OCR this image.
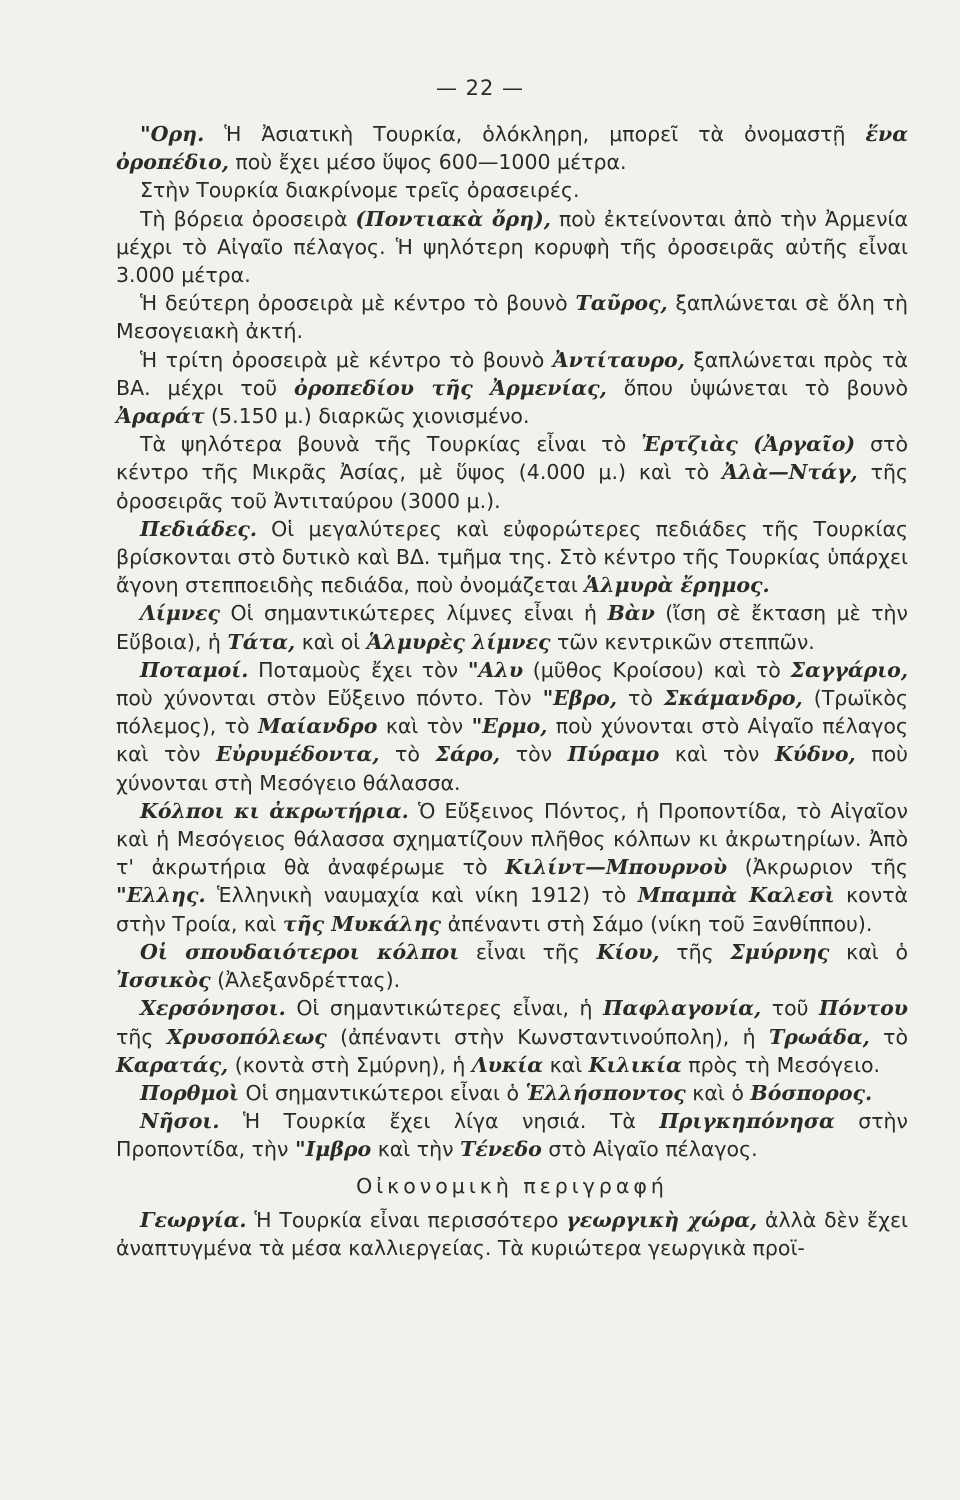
— 22 —

"Ορη. Ἡ Ἀσιατικὴ Τουρκία, ὁλόκληρη, μπορεῖ τὰ ὀνομαστῇ ἕνα ὀροπέδιο, ποὺ ἔχει μέσο ὕψος 600—1000 μέτρα.

Στὴν Τουρκία διακρίνομε τρεῖς ὀρασειρές.

Τὴ βόρεια ὀροσειρὰ (Ποντιακὰ ὄρη), ποὺ ἐκτείνονται ἀπὸ τὴν Ἀρμενία μέχρι τὸ Αἰγαῖο πέλαγος. Ἡ ψηλότερη κορυφὴ τῆς ὀροσειρᾶς αὐτῆς εἶναι 3.000 μέτρα.

Ἡ δεύτερη ὀροσειρὰ μὲ κέντρο τὸ βουνὸ Ταῦρος, ξαπλώνεται σὲ ὅλη τὴ Μεσογειακὴ ἀκτή.

Ἡ τρίτη ὀροσειρὰ μὲ κέντρο τὸ βουνὸ Ἀντίταυρο, ξαπλώνεται πρὸς τὰ ΒΑ. μέχρι τοῦ ὀροπεδίου τῆς Ἀρμενίας, ὅπου ὑψώνεται τὸ βουνὸ Ἀραράτ (5.150 μ.) διαρκῶς χιονισμένο.

Τὰ ψηλότερα βουνὰ τῆς Τουρκίας εἶναι τὸ Ἐρτζιὰς (Ἀργαῖο) στὸ κέντρο τῆς Μικρᾶς Ἀσίας, μὲ ὕψος (4.000 μ.) καὶ τὸ Ἀλὰ—Ντάγ, τῆς ὀροσειρᾶς τοῦ Ἀντιταύρου (3000 μ.).

Πεδιάδες. Οἱ μεγαλύτερες καὶ εὐφορώτερες πεδιάδες τῆς Τουρκίας βρίσκονται στὸ δυτικὸ καὶ ΒΔ. τμῆμα της. Στὸ κέντρο τῆς Τουρκίας ὑπάρχει ἄγονη στεπποειδὴς πεδιάδα, ποὺ ὀνομάζεται Ἁλμυρὰ ἔρημος.

Λίμνες Οἱ σημαντικώτερες λίμνες εἶναι ἡ Βὰν (ἴση σὲ ἔκταση μὲ τὴν Εὔβοια), ἡ Τάτα, καὶ οἱ Ἁλμυρὲς λίμνες τῶν κεντρικῶν στεππῶν.

Ποταμοί. Ποταμοὺς ἔχει τὸν "Αλυ (μῦθος Κροίσου) καὶ τὸ Σαγγάριο, ποὺ χύνονται στὸν Εὔξεινο πόντο. Τὸν "Εβρο, τὸ Σκάμανδρο, (Τρωϊκὸς πόλεμος), τὸ Μαίανδρο καὶ τὸν "Ερμο, ποὺ χύνονται στὸ Αἰγαῖο πέλαγος καὶ τὸν Εὐρυμέδοντα, τὸ Σάρο, τὸν Πύραμο καὶ τὸν Κύδνο, ποὺ χύνονται στὴ Μεσόγειο θάλασσα.

Κόλποι κι ἀκρωτήρια. Ὁ Εὔξεινος Πόντος, ἡ Προποντίδα, τὸ Αἰγαῖον καὶ ἡ Μεσόγειος θάλασσα σχηματίζουν πλῆθος κόλπων κι ἀκρωτηρίων. Ἀπὸ τ' ἀκρωτήρια θὰ ἀναφέρωμε τὸ Κιλίντ—Μπουρνοὺ (Ἀκρωριον τῆς "Ελλης. Ἑλληνικὴ ναυμαχία καὶ νίκη 1912) τὸ Μπαμπὰ Καλεσὶ κοντὰ στὴν Τροία, καὶ τῆς Μυκάλης ἀπέναντι στὴ Σάμο (νίκη τοῦ Ξανθίππου).

Οἱ σπουδαιότεροι κόλποι εἶναι τῆς Κίου, τῆς Σμύρνης καὶ ὁ Ἰσσικὸς (Ἀλεξανδρέττας).

Χερσόνησοι. Οἱ σημαντικώτερες εἶναι, ἡ Παφλαγονία, τοῦ Πόντου τῆς Χρυσοπόλεως (ἀπέναντι στὴν Κωνσταντινούπολη), ἡ Τρωάδα, τὸ Καρατάς, (κοντὰ στὴ Σμύρνη), ἡ Λυκία καὶ Κιλικία πρὸς τὴ Μεσόγειο.

Πορθμοὶ Οἱ σημαντικώτεροι εἶναι ὁ Ἑλλήσποντος καὶ ὁ Βόσπορος.

Νῆσοι. Ἡ Τουρκία ἔχει λίγα νησιά. Τὰ Πριγκηπόνησα στὴν Προποντίδα, τὴν "Ιμβρο καὶ τὴν Τένεδο στὸ Αἰγαῖο πέλαγος.

Οἰκονομικὴ περιγραφή

Γεωργία. Ἡ Τουρκία εἶναι περισσότερο γεωργικὴ χώρα, ἀλλὰ δὲν ἔχει ἀναπτυγμένα τὰ μέσα καλλιεργείας. Τὰ κυριώτερα γεωργικὰ προϊ-
